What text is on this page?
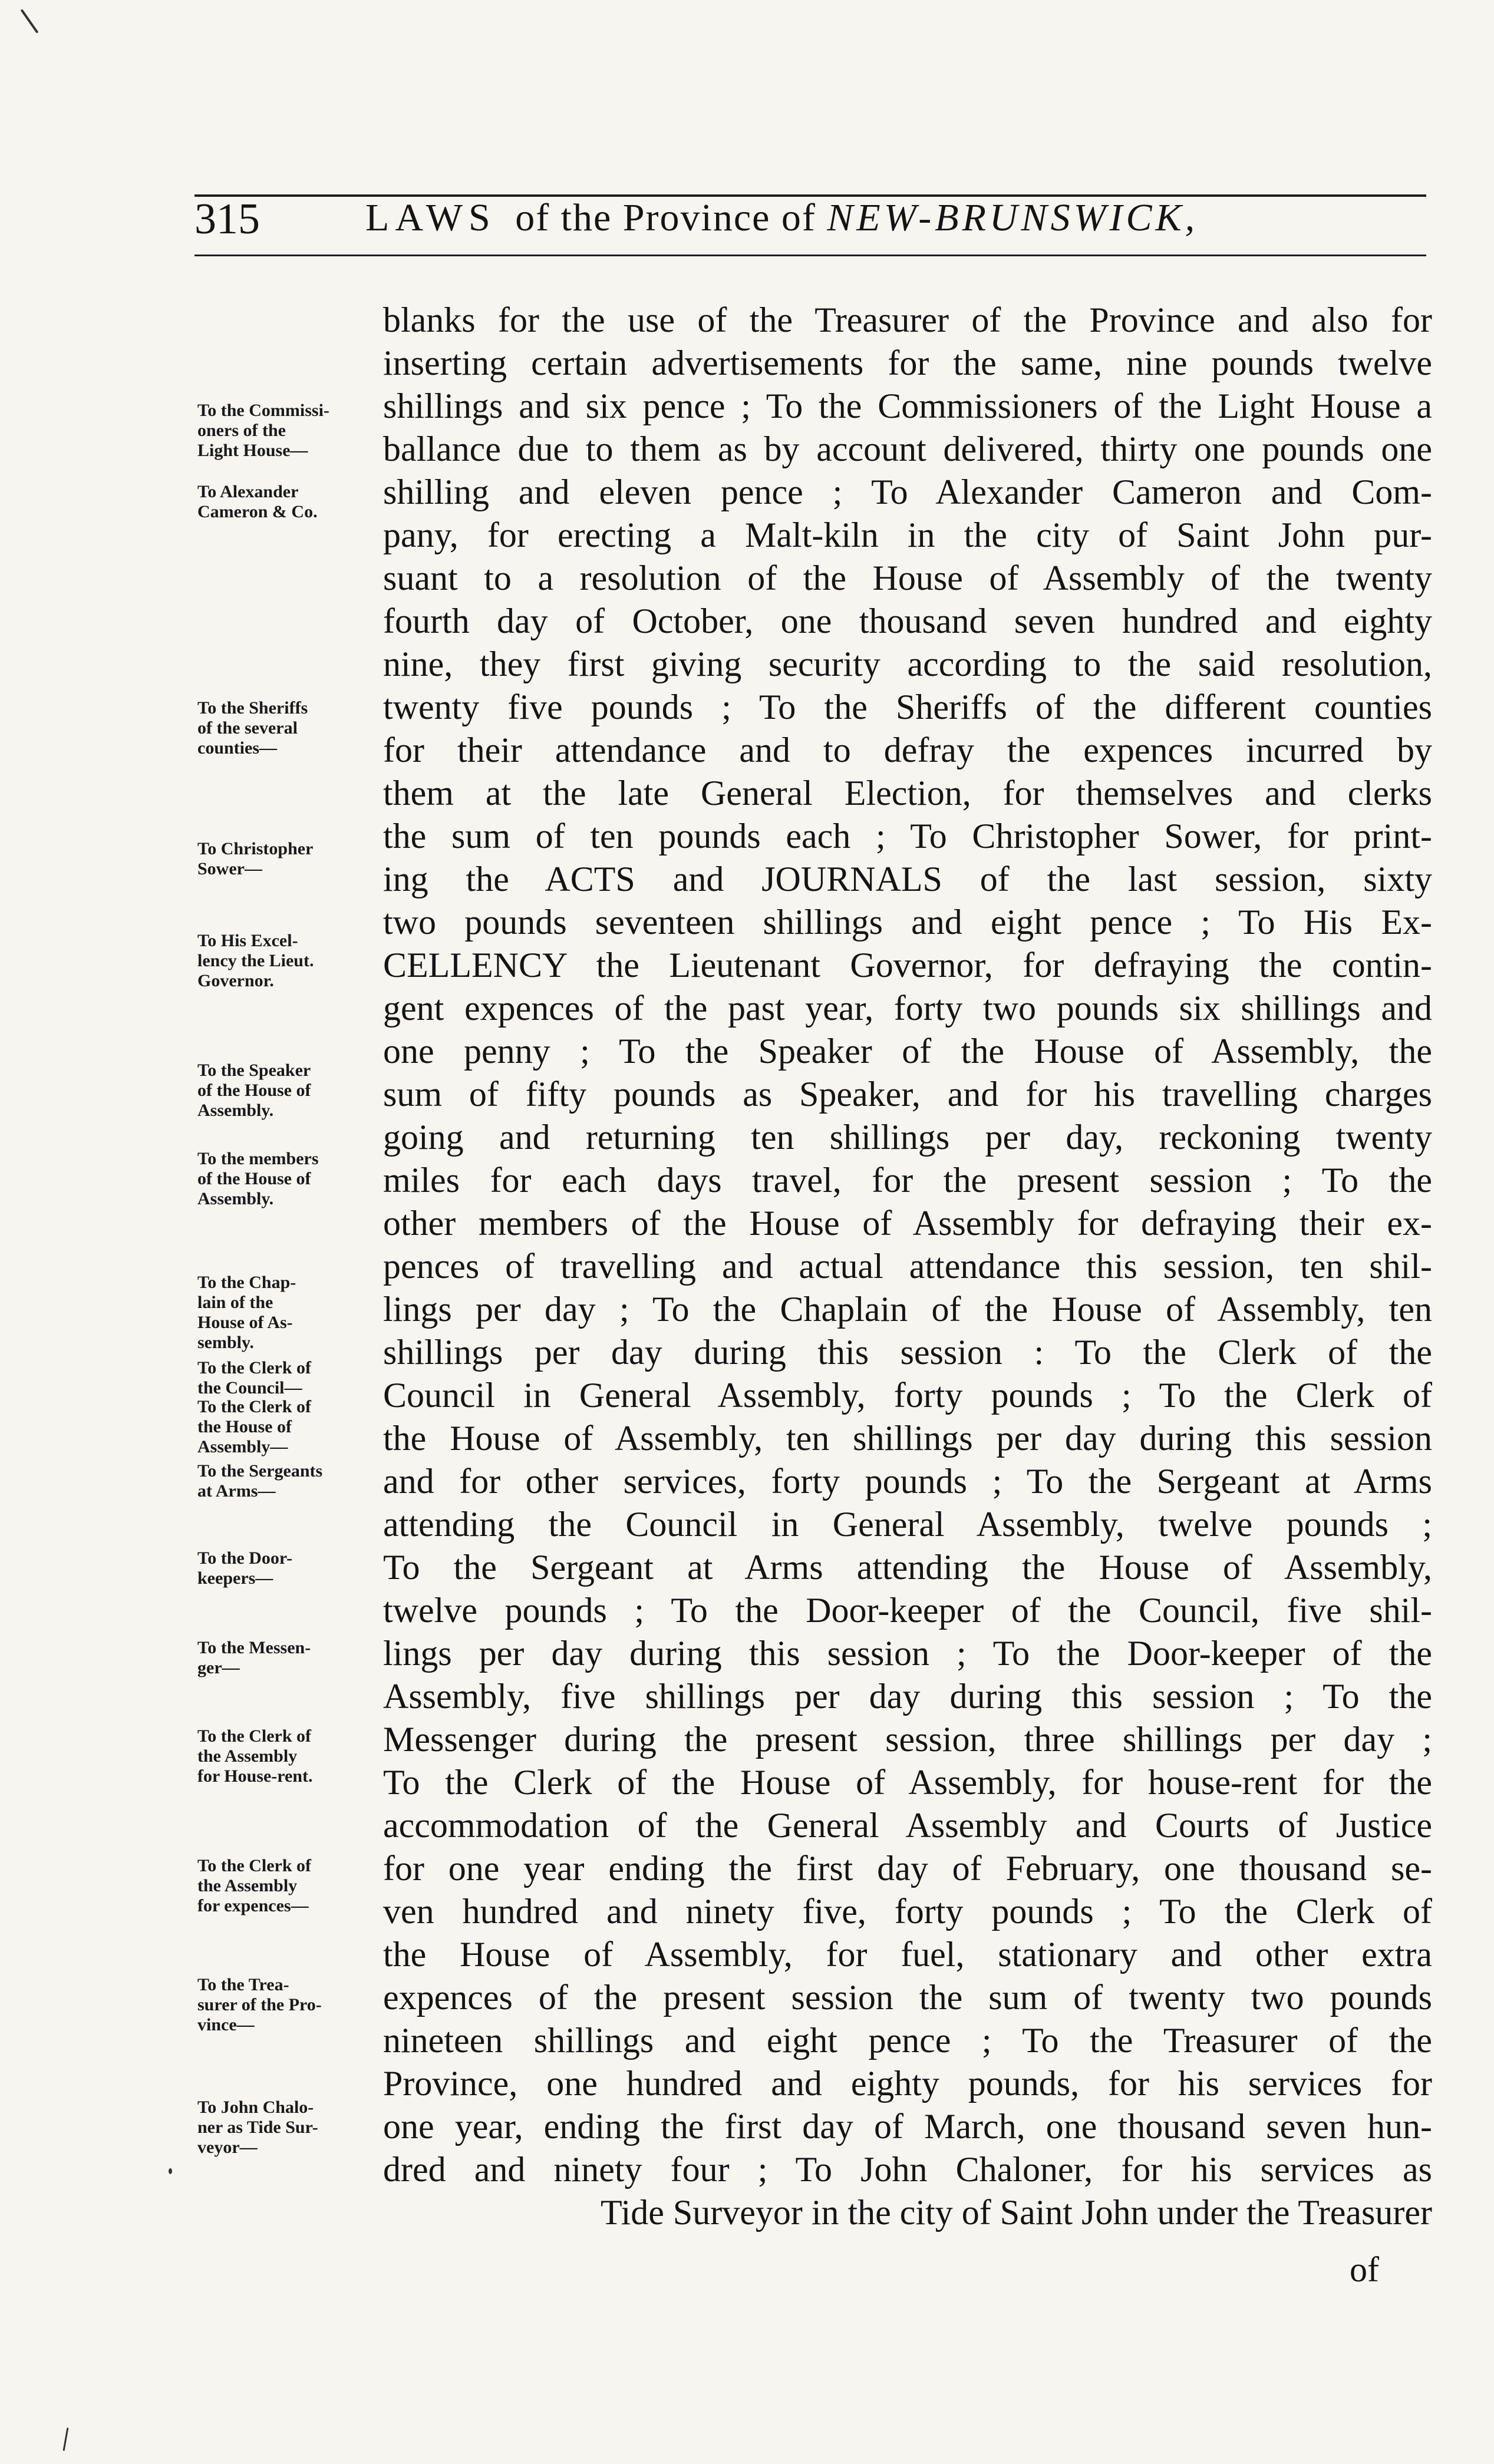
315	LAWS of the Province of NEW-BRUNSWICK,
To the Commissi-
oners of the
Light House—
To Alexander
Cameron & Co.
To the Sheriffs
of the several
counties—
To Christopher
Sower—
To His Excel-
lency the Lieut.
Governor.
To the Speaker
of the House of
Assembly.
To the members
of the House of
Assembly.
To the Chap-
lain of the
House of As-
sembly.
To the Clerk of
the Council—
To the Clerk of
the House of
Assembly—
To the Sergeants
at Arms—
To the Door-
keepers—
To the Messen-
ger—
To the Clerk of
the Assembly
for House-rent.
To the Clerk of
the Assembly
for expences—
To the Trea-
surer of the Pro-
vince—
To John Chalo-
ner as Tide Sur-
veyor—
blanks for the use of the Treasurer of the Province and also for
inserting certain advertisements for the same, nine pounds twelve
shillings and six pence ; To the Commissioners of the Light House a
ballance due to them as by account delivered, thirty one pounds one
shilling and eleven pence ; To Alexander Cameron and Com-
pany, for erecting a Malt-kiln in the city of Saint John pur-
suant to a resolution of the House of Assembly of the twenty
fourth day of October, one thousand seven hundred and eighty
nine, they first giving security according to the said resolution,
twenty five pounds ; To the Sheriffs of the different counties
for their attendance and to defray the expences incurred by
them at the late General Election, for themselves and clerks
the sum of ten pounds each ; To Christopher Sower, for print-
ing the ACTS and JOURNALS of the last session, sixty
two pounds seventeen shillings and eight pence ; To His Ex-
CELLENCY the Lieutenant Governor, for defraying the contin-
gent expences of the past year, forty two pounds six shillings and
one penny ; To the Speaker of the House of Assembly, the
sum of fifty pounds as Speaker, and for his travelling charges
going and returning ten shillings per day, reckoning twenty
miles for each days travel, for the present session ; To the
other members of the House of Assembly for defraying their ex-
pences of travelling and actual attendance this session, ten shil-
lings per day ; To the Chaplain of the House of Assembly, ten
shillings per day during this session : To the Clerk of the
Council in General Assembly, forty pounds ; To the Clerk of
the House of Assembly, ten shillings per day during this session
and for other services, forty pounds ; To the Sergeant at Arms
attending the Council in General Assembly, twelve pounds ;
To the Sergeant at Arms attending the House of Assembly,
twelve pounds ; To the Door-keeper of the Council, five shil-
lings per day during this session ; To the Door-keeper of the
Assembly, five shillings per day during this session ; To the
Messenger during the present session, three shillings per day ;
To the Clerk of the House of Assembly, for house-rent for the
accommodation of the General Assembly and Courts of Justice
for one year ending the first day of February, one thousand se-
ven hundred and ninety five, forty pounds ; To the Clerk of
the House of Assembly, for fuel, stationary and other extra
expences of the present session the sum of twenty two pounds
nineteen shillings and eight pence ; To the Treasurer of the
Province, one hundred and eighty pounds, for his services for
one year, ending the first day of March, one thousand seven hun-
dred and ninety four ; To John Chaloner, for his services as
Tide Surveyor in the city of Saint John under the Treasurer
of
